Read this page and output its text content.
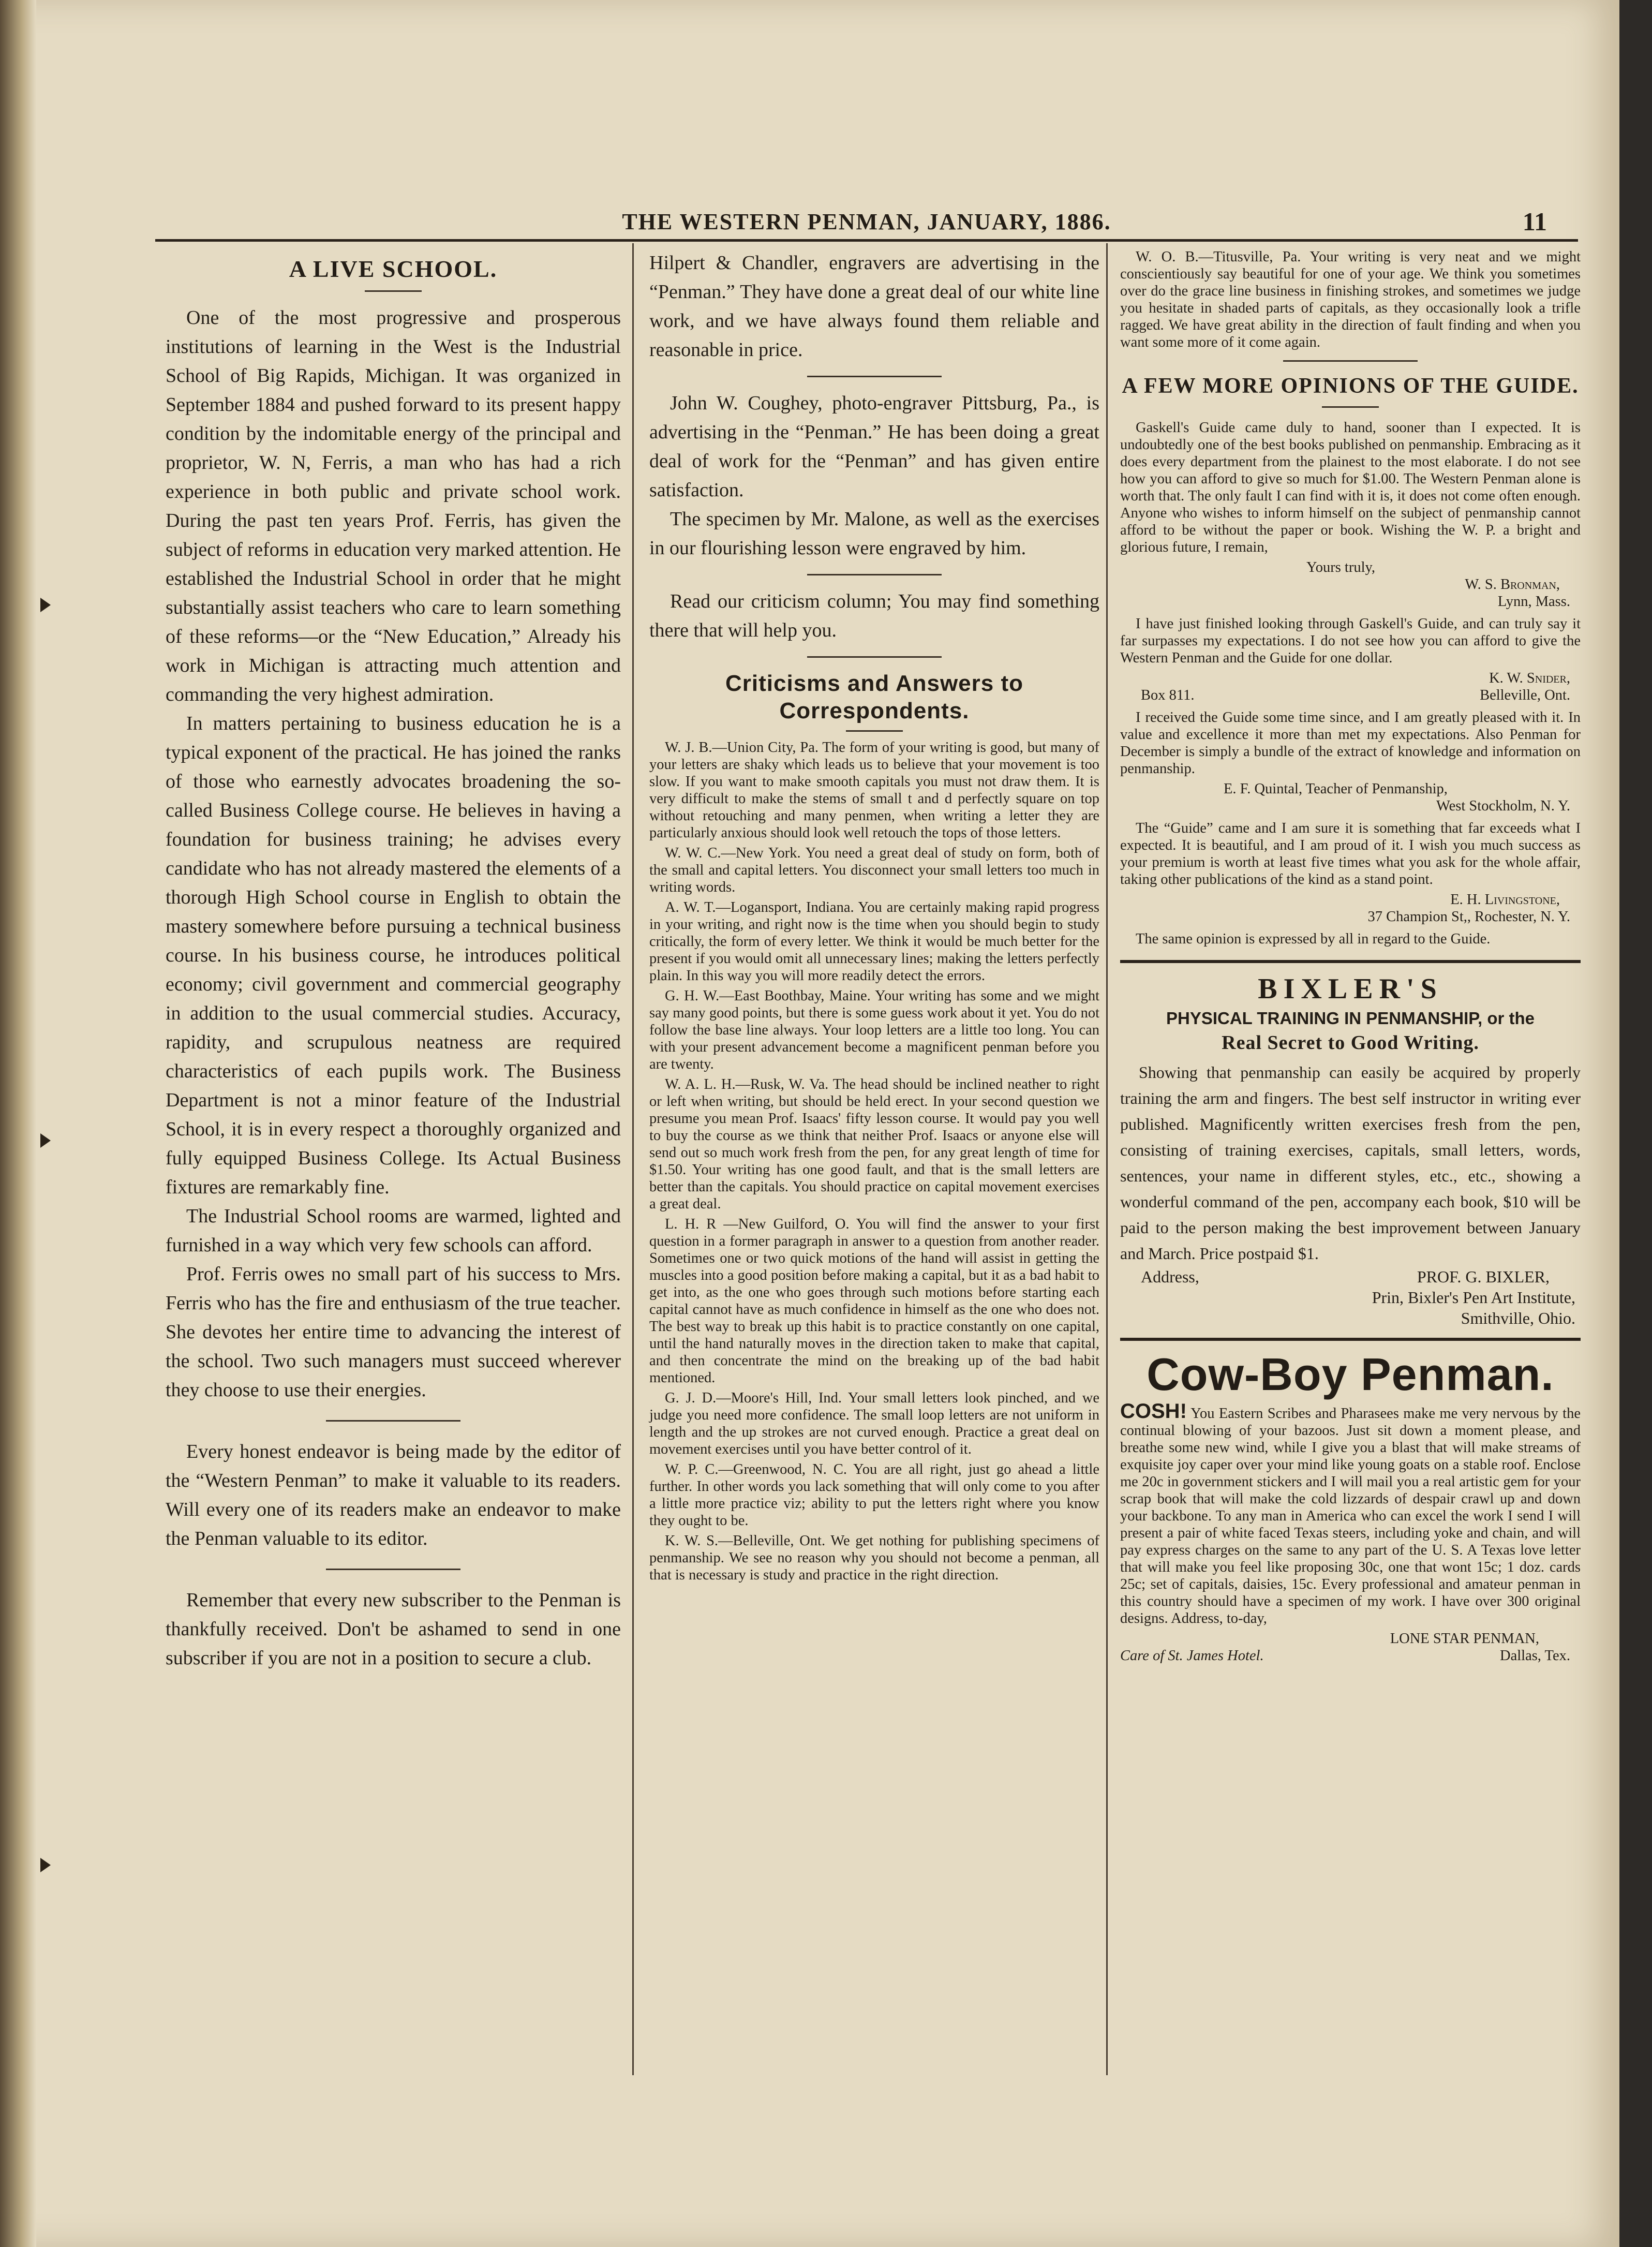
THE WESTERN PENMAN, JANUARY, 1886.	11
A LIVE SCHOOL.

One of the most progressive and prosperous institutions of learning in the West is the Industrial School of Big Rapids, Michigan. It was organized in September 1884 and pushed forward to its present happy condition by the indomitable energy of the principal and proprietor, W. N, Ferris, a man who has had a rich experience in both public and private school work. During the past ten years Prof. Ferris, has given the subject of reforms in education very marked attention. He established the Industrial School in order that he might substantially assist teachers who care to learn something of these reforms—or the “New Education,” Already his work in Michigan is attracting much attention and commanding the very highest admiration.

In matters pertaining to business education he is a typical exponent of the practical. He has joined the ranks of those who earnestly advocates broadening the so-called Business College course. He believes in having a foundation for business training; he advises every candidate who has not already mastered the elements of a thorough High School course in English to obtain the mastery somewhere before pursuing a technical business course. In his business course, he introduces political economy; civil government and commercial geography in addition to the usual commercial studies. Accuracy, rapidity, and scrupulous neatness are required characteristics of each pupils work. The Business Department is not a minor feature of the Industrial School, it is in every respect a thoroughly organized and fully equipped Business College. Its Actual Business fixtures are remarkably fine.

The Industrial School rooms are warmed, lighted and furnished in a way which very few schools can afford.

Prof. Ferris owes no small part of his success to Mrs. Ferris who has the fire and enthusiasm of the true teacher. She devotes her entire time to advancing the interest of the school. Two such managers must succeed wherever they choose to use their energies.

Every honest endeavor is being made by the editor of the “Western Penman” to make it valuable to its readers. Will every one of its readers make an endeavor to make the Penman valuable to its editor.

Remember that every new subscriber to the Penman is thankfully received. Don't be ashamed to send in one subscriber if you are not in a position to secure a club.

Hilpert & Chandler, engravers are advertising in the “Penman.” They have done a great deal of our white line work, and we have always found them reliable and reasonable in price.

John W. Coughey, photo-engraver Pittsburg, Pa., is advertising in the “Penman.” He has been doing a great deal of work for the “Penman” and has given entire satisfaction.

The specimen by Mr. Malone, as well as the exercises in our flourishing lesson were engraved by him.

Read our criticism column; You may find something there that will help you.

Criticisms and Answers to Correspondents.

W. J. B.—Union City, Pa. The form of your writing is good, but many of your letters are shaky which leads us to believe that your movement is too slow. If you want to make smooth capitals you must not draw them. It is very difficult to make the stems of small t and d perfectly square on top without retouching and many penmen, when writing a letter they are particularly anxious should look well retouch the tops of those letters.

W. W. C.—New York. You need a great deal of study on form, both of the small and capital letters. You disconnect your small letters too much in writing words.

A. W. T.—Logansport, Indiana. You are certainly making rapid progress in your writing, and right now is the time when you should begin to study critically, the form of every letter. We think it would be much better for the present if you would omit all unnecessary lines; making the letters perfectly plain. In this way you will more readily detect the errors.

G. H. W.—East Boothbay, Maine. Your writing has some and we might say many good points, but there is some guess work about it yet. You do not follow the base line always. Your loop letters are a little too long. You can with your present advancement become a magnificent penman before you are twenty.

W. A. L. H.—Rusk, W. Va. The head should be inclined neather to right or left when writing, but should be held erect. In your second question we presume you mean Prof. Isaacs' fifty lesson course. It would pay you well to buy the course as we think that neither Prof. Isaacs or anyone else will send out so much work fresh from the pen, for any great length of time for $1.50. Your writing has one good fault, and that is the small letters are better than the capitals. You should practice on capital movement exercises a great deal.

L. H. R —New Guilford, O. You will find the answer to your first question in a former paragraph in answer to a question from another reader. Sometimes one or two quick motions of the hand will assist in getting the muscles into a good position before making a capital, but it as a bad habit to get into, as the one who goes through such motions before starting each capital cannot have as much confidence in himself as the one who does not. The best way to break up this habit is to practice constantly on one capital, until the hand naturally moves in the direction taken to make that capital, and then concentrate the mind on the breaking up of the bad habit mentioned.

G. J. D.—Moore's Hill, Ind. Your small letters look pinched, and we judge you need more confidence. The small loop letters are not uniform in length and the up strokes are not curved enough. Practice a great deal on movement exercises until you have better control of it.

W. P. C.—Greenwood, N. C. You are all right, just go ahead a little further. In other words you lack something that will only come to you after a little more practice viz; ability to put the letters right where you know they ought to be.

K. W. S.—Belleville, Ont. We get nothing for publishing specimens of penmanship. We see no reason why you should not become a penman, all that is necessary is study and practice in the right direction.

W. O. B.—Titusville, Pa. Your writing is very neat and we might conscientiously say beautiful for one of your age. We think you sometimes over do the grace line business in finishing strokes, and sometimes we judge you hesitate in shaded parts of capitals, as they occasionally look a trifle ragged. We have great ability in the direction of fault finding and when you want some more of it come again.

A FEW MORE OPINIONS OF THE GUIDE.

Gaskell's Guide came duly to hand, sooner than I expected. It is undoubtedly one of the best books published on penmanship. Embracing as it does every department from the plainest to the most elaborate. I do not see how you can afford to give so much for $1.00. The Western Penman alone is worth that. The only fault I can find with it is, it does not come often enough. Anyone who wishes to inform himself on the subject of penmanship cannot afford to be without the paper or book. Wishing the W. P. a bright and glorious future, I remain,

Yours truly,

W. S. Bronman,

Lynn, Mass.

I have just finished looking through Gaskell's Guide, and can truly say it far surpasses my expectations. I do not see how you can afford to give the Western Penman and the Guide for one dollar.

K. W. Snider,

Box 811.	Belleville, Ont.

I received the Guide some time since, and I am greatly pleased with it. In value and excellence it more than met my expectations. Also Penman for December is simply a bundle of the extract of knowledge and information on penmanship.

E. F. Quintal, Teacher of Penmanship,

West Stockholm, N. Y.

The “Guide” came and I am sure it is something that far exceeds what I expected. It is beautiful, and I am proud of it. I wish you much success as your premium is worth at least five times what you ask for the whole affair, taking other publications of the kind as a stand point.

E. H. Livingstone,

37 Champion St,, Rochester, N. Y.

The same opinion is expressed by all in regard to the Guide.

BIXLER'S
PHYSICAL TRAINING IN PENMANSHIP, or the
Real Secret to Good Writing.

Showing that penmanship can easily be acquired by properly training the arm and fingers. The best self instructor in writing ever published. Magnificently written exercises fresh from the pen, consisting of training exercises, capitals, small letters, words, sentences, your name in different styles, etc., etc., showing a wonderful command of the pen, accompany each book, $10 will be paid to the person making the best improvement between January and March. Price postpaid $1.

Address,	PROF. G. BIXLER,

Prin, Bixler's Pen Art Institute,

Smithville, Ohio.

Cow-Boy Penman.

COSH! You Eastern Scribes and Pharasees make me very nervous by the continual blowing of your bazoos. Just sit down a moment please, and breathe some new wind, while I give you a blast that will make streams of exquisite joy caper over your mind like young goats on a stable roof. Enclose me 20c in government stickers and I will mail you a real artistic gem for your scrap book that will make the cold lizzards of despair crawl up and down your backbone. To any man in America who can excel the work I send I will present a pair of white faced Texas steers, including yoke and chain, and will pay express charges on the same to any part of the U. S. A Texas love letter that will make you feel like proposing 30c, one that wont 15c; 1 doz. cards 25c; set of capitals, daisies, 15c. Every professional and amateur penman in this country should have a specimen of my work. I have over 300 original designs. Address, to-day,

LONE STAR PENMAN,

Care of St. James Hotel.	Dallas, Tex.
